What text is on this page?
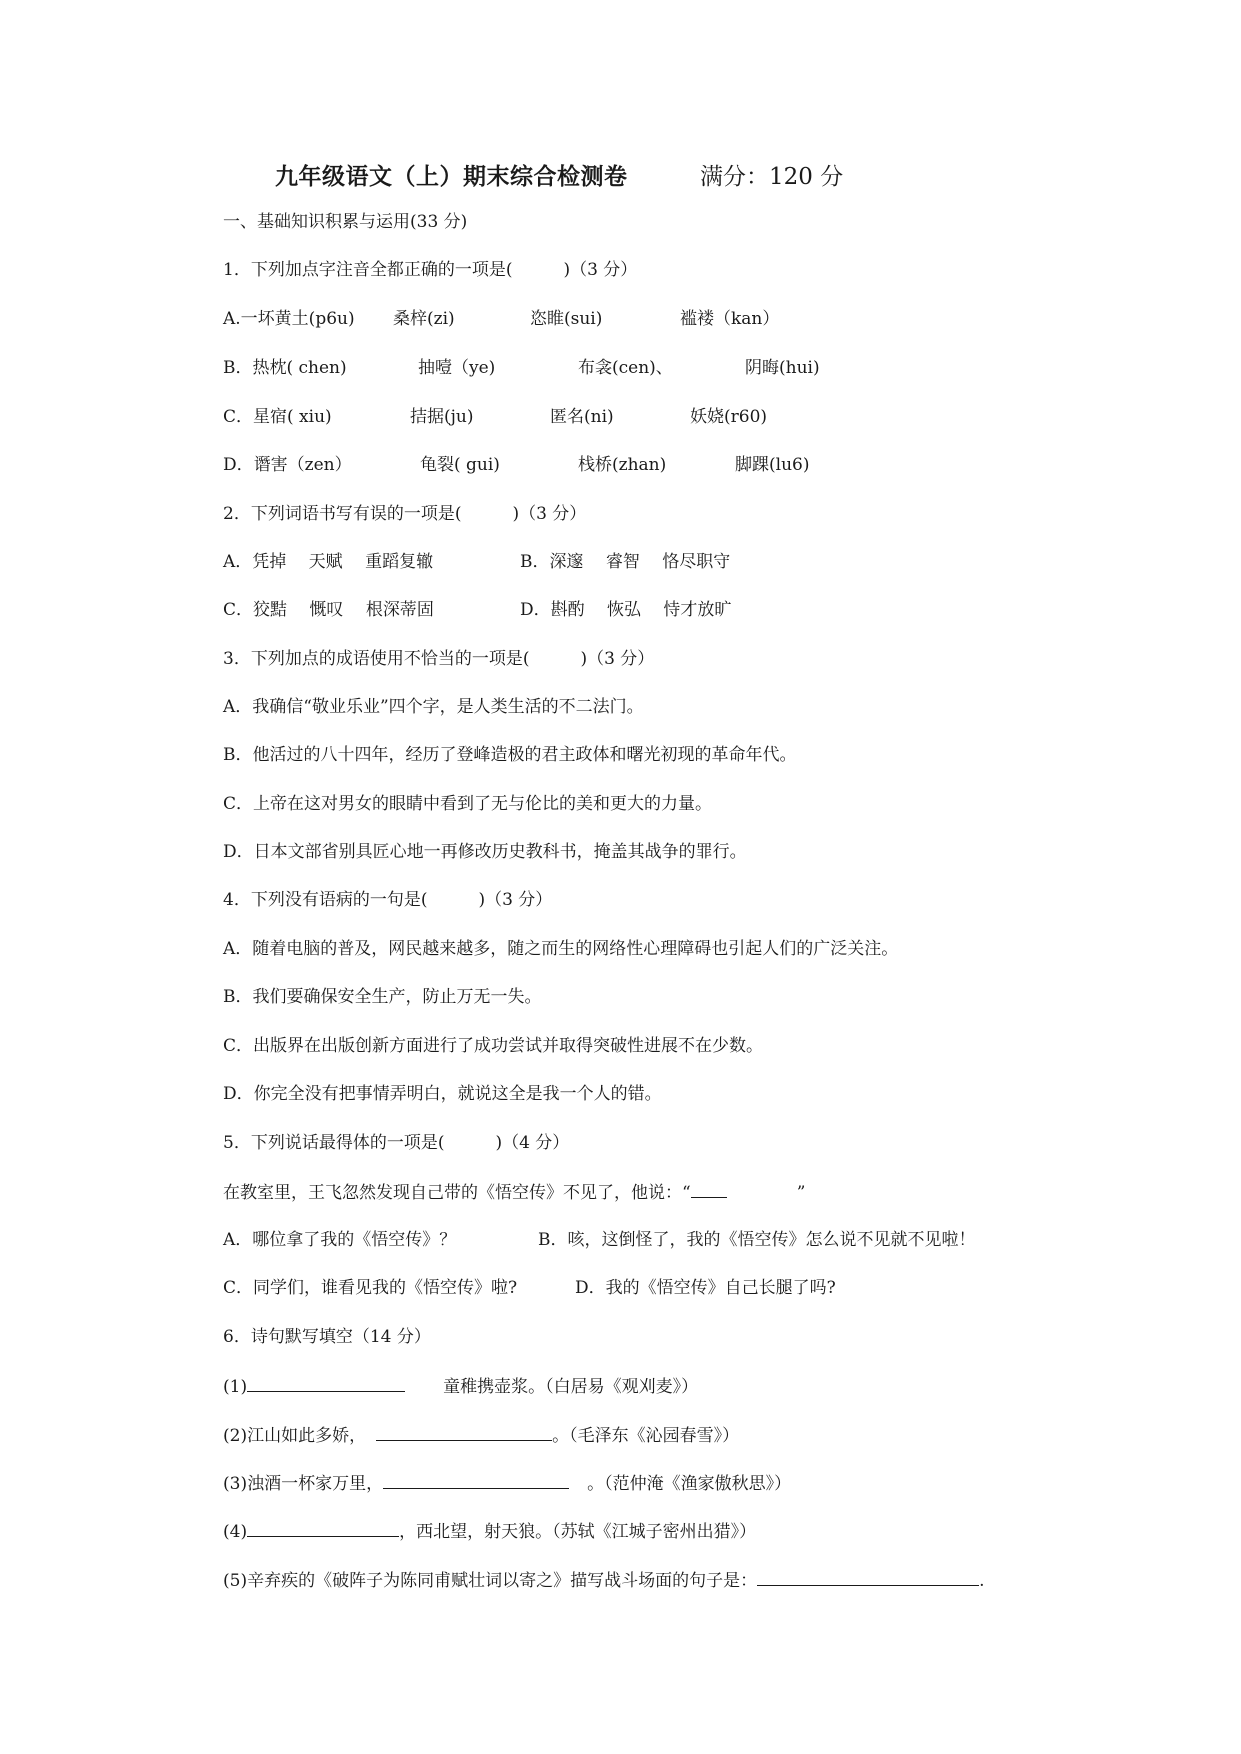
九年级语文（上）期末综合检测卷	满分：120 分
一、基础知识积累与运用(33 分)
1．下列加点字注音全都正确的一项是(　　　)（3 分）
A.一坏黄土(p6u) 桑梓(zi)	恣睢(sui)	褴褛（kan）
B．热枕( chen)	抽噎（ye)	布衾(cen)、	阴晦(hui)
C．星宿( xiu)	拮据(ju)	匿名(ni)	妖娆(r60)
D．谮害（zen）	龟裂( gui)	栈桥(zhan)	脚踝(lu6)
2．下列词语书写有误的一项是(　　　)（3 分）
A．凭掉　 天赋　 重蹈复辙	B．深邃　 睿智　 恪尽职守
C．狡黠　 慨叹　 根深蒂固	D．斟酌　 恢弘　 恃才放旷
3．下列加点的成语使用不恰当的一项是(　　　)（3 分）
A．我确信“敬业乐业”四个字，是人类生活的不二法门。
B．他活过的八十四年，经历了登峰造极的君主政体和曙光初现的革命年代。
C．上帝在这对男女的眼睛中看到了无与伦比的美和更大的力量。
D．日本文部省别具匠心地一再修改历史教科书，掩盖其战争的罪行。
4．下列没有语病的一句是(　　　)（3 分）
A．随着电脑的普及，网民越来越多，随之而生的网络性心理障碍也引起人们的广泛关注。
B．我们要确保安全生产，防止万无一失。
C．出版界在出版创新方面进行了成功尝试并取得突破性进展不在少数。
D．你完全没有把事情弄明白，就说这全是我一个人的错。
5．下列说话最得体的一项是(　　　)（4 分）
在教室里，王飞忽然发现自己带的《悟空传》不见了，他说：“	”
A．哪位拿了我的《悟空传》？	B．咳，这倒怪了，我的《悟空传》怎么说不见就不见啦！
C．同学们，谁看见我的《悟空传》啦?	D．我的《悟空传》自己长腿了吗?
6．诗句默写填空（14 分）
(1)	童稚携壶浆。（白居易《观刈麦》）
(2)江山如此多娇，	。（毛泽东《沁园春雪》）
(3)浊酒一杯家万里，	。（范仲淹《渔家傲秋思》）
(4)	，西北望，射天狼。（苏轼《江城子密州出猎》）
(5)辛弃疾的《破阵子为陈同甫赋壮词以寄之》描写战斗场面的句子是：	.
